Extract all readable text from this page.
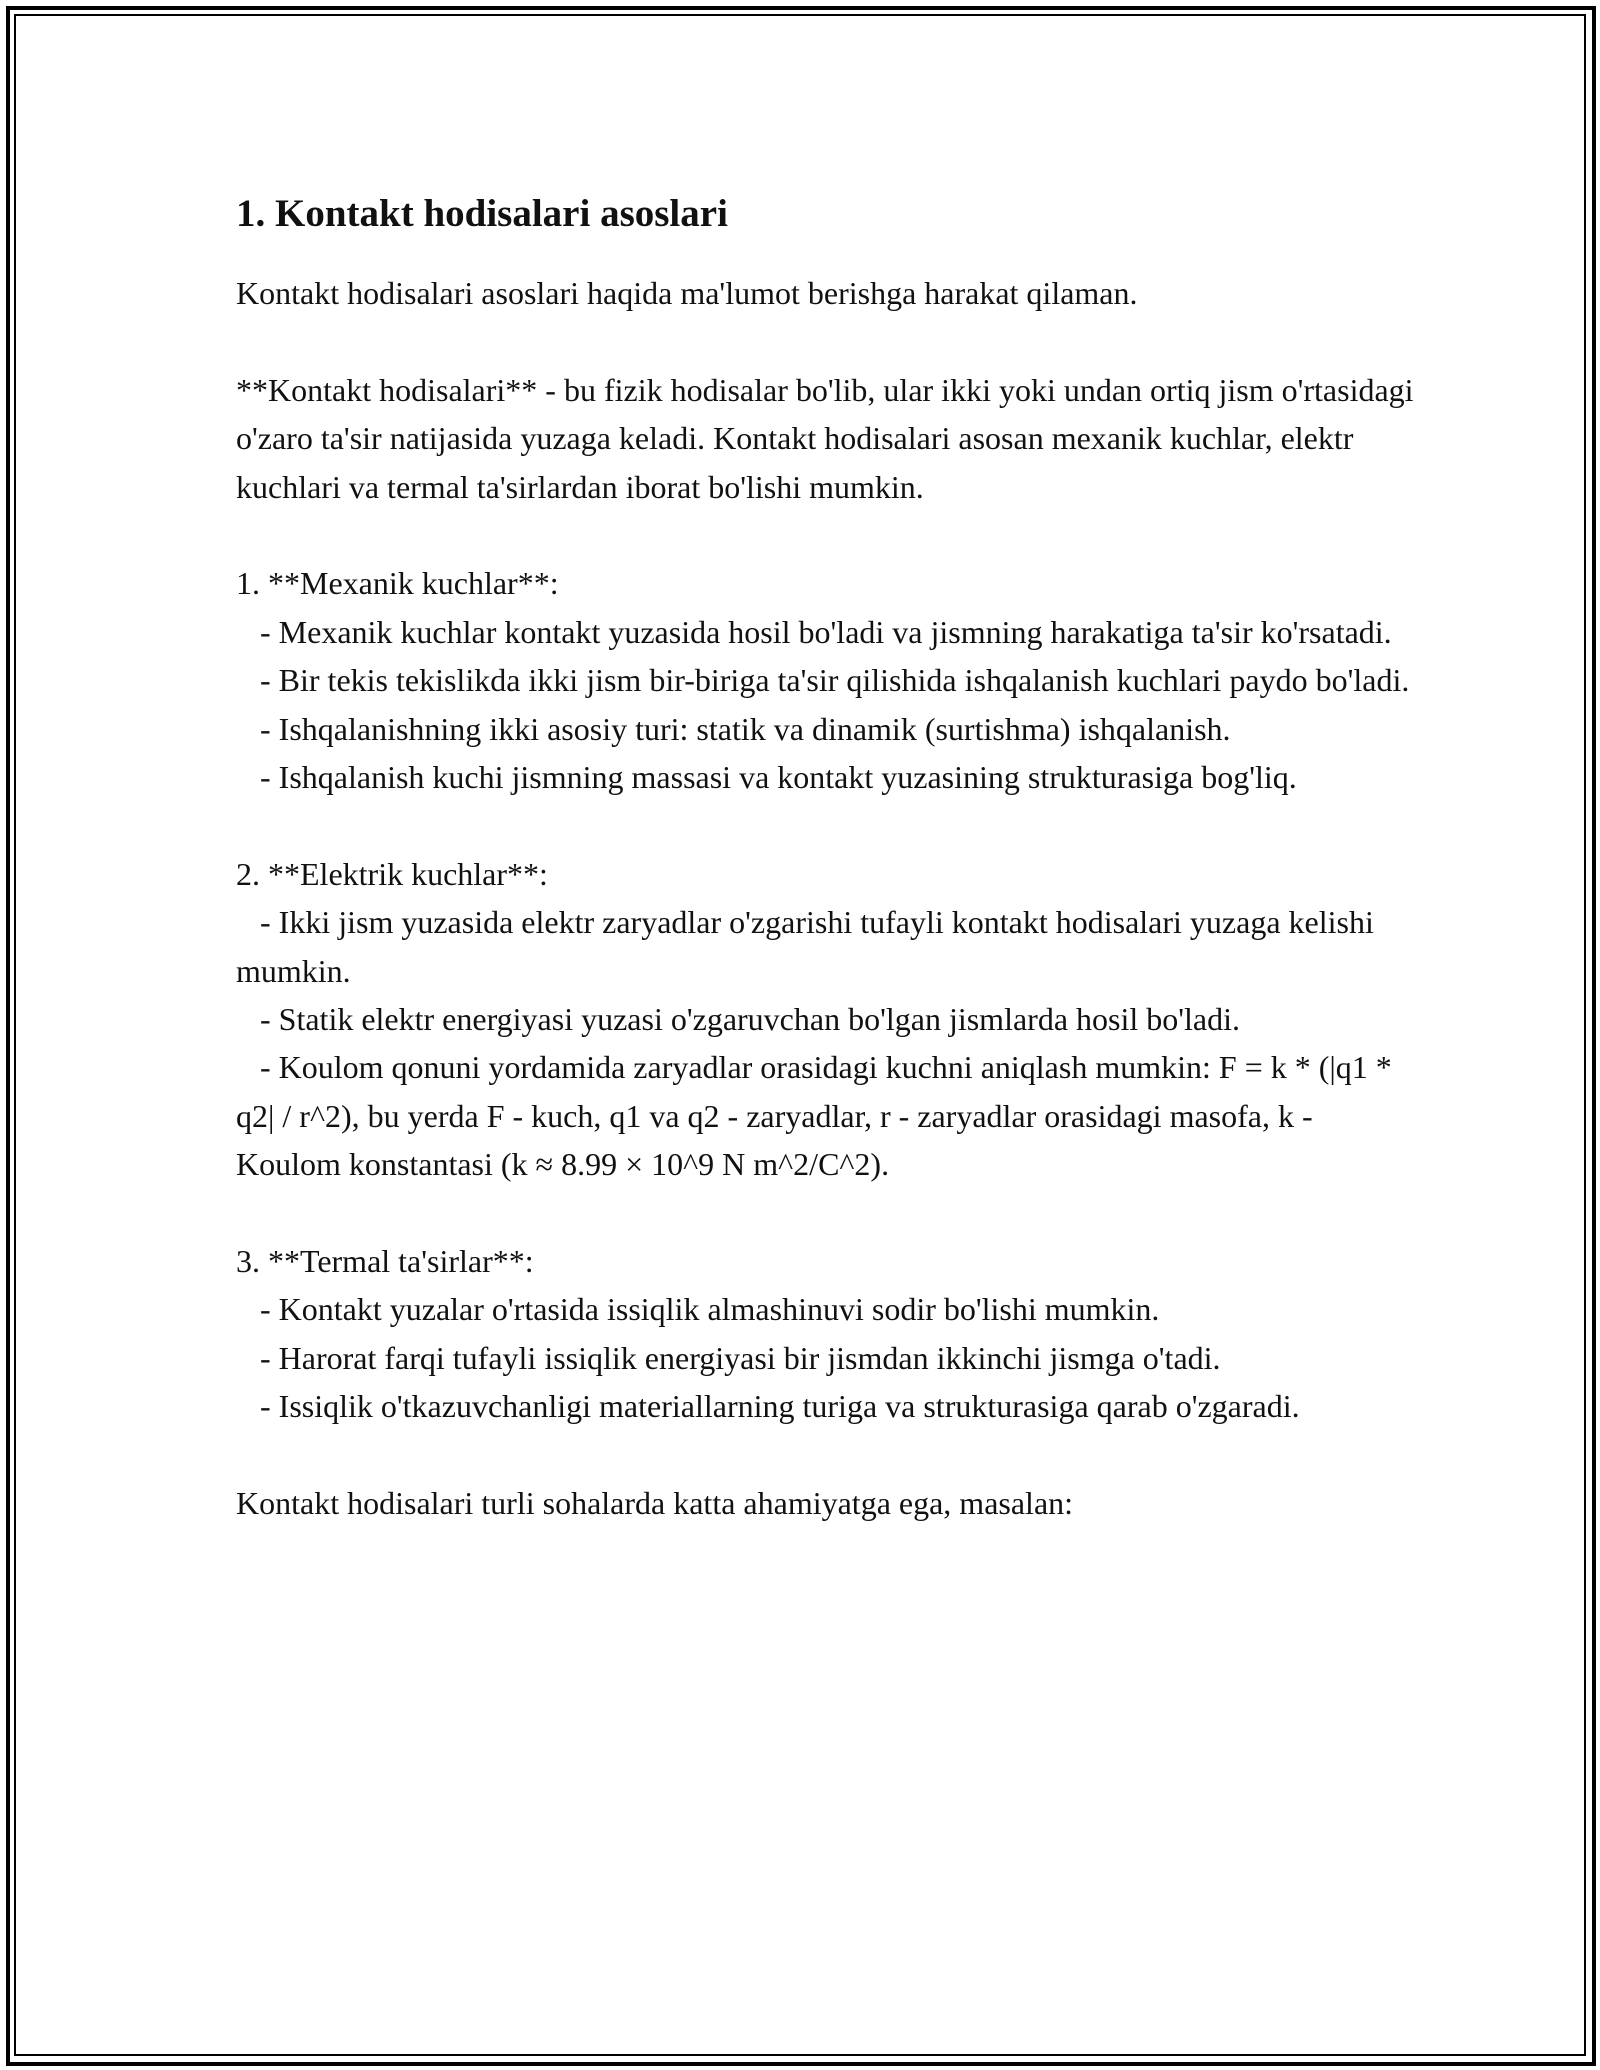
1. Kontakt hodisalari asoslari

Kontakt hodisalari asoslari haqida ma'lumot berishga harakat qilaman.

**Kontakt hodisalari** - bu fizik hodisalar bo'lib, ular ikki yoki undan ortiq jism o'rtasidagi o'zaro ta'sir natijasida yuzaga keladi. Kontakt hodisalari asosan mexanik kuchlar, elektr kuchlari va termal ta'sirlardan iborat bo'lishi mumkin.

1. **Mexanik kuchlar**:

- Mexanik kuchlar kontakt yuzasida hosil bo'ladi va jismning harakatiga ta'sir ko'rsatadi.

- Bir tekis tekislikda ikki jism bir-biriga ta'sir qilishida ishqalanish kuchlari paydo bo'ladi.

- Ishqalanishning ikki asosiy turi: statik va dinamik (surtishma) ishqalanish.

- Ishqalanish kuchi jismning massasi va kontakt yuzasining strukturasiga bog'liq.

2. **Elektrik kuchlar**:

- Ikki jism yuzasida elektr zaryadlar o'zgarishi tufayli kontakt hodisalari yuzaga kelishi mumkin.

- Statik elektr energiyasi yuzasi o'zgaruvchan bo'lgan jismlarda hosil bo'ladi.

- Koulom qonuni yordamida zaryadlar orasidagi kuchni aniqlash mumkin: F = k * (|q1 * q2| / r^2), bu yerda F - kuch, q1 va q2 - zaryadlar, r - zaryadlar orasidagi masofa, k - Koulom konstantasi (k ≈ 8.99 × 10^9 N m^2/C^2).

3. **Termal ta'sirlar**:

- Kontakt yuzalar o'rtasida issiqlik almashinuvi sodir bo'lishi mumkin.

- Harorat farqi tufayli issiqlik energiyasi bir jismdan ikkinchi jismga o'tadi.

- Issiqlik o'tkazuvchanligi materiallarning turiga va strukturasiga qarab o'zgaradi.

Kontakt hodisalari turli sohalarda katta ahamiyatga ega, masalan:
